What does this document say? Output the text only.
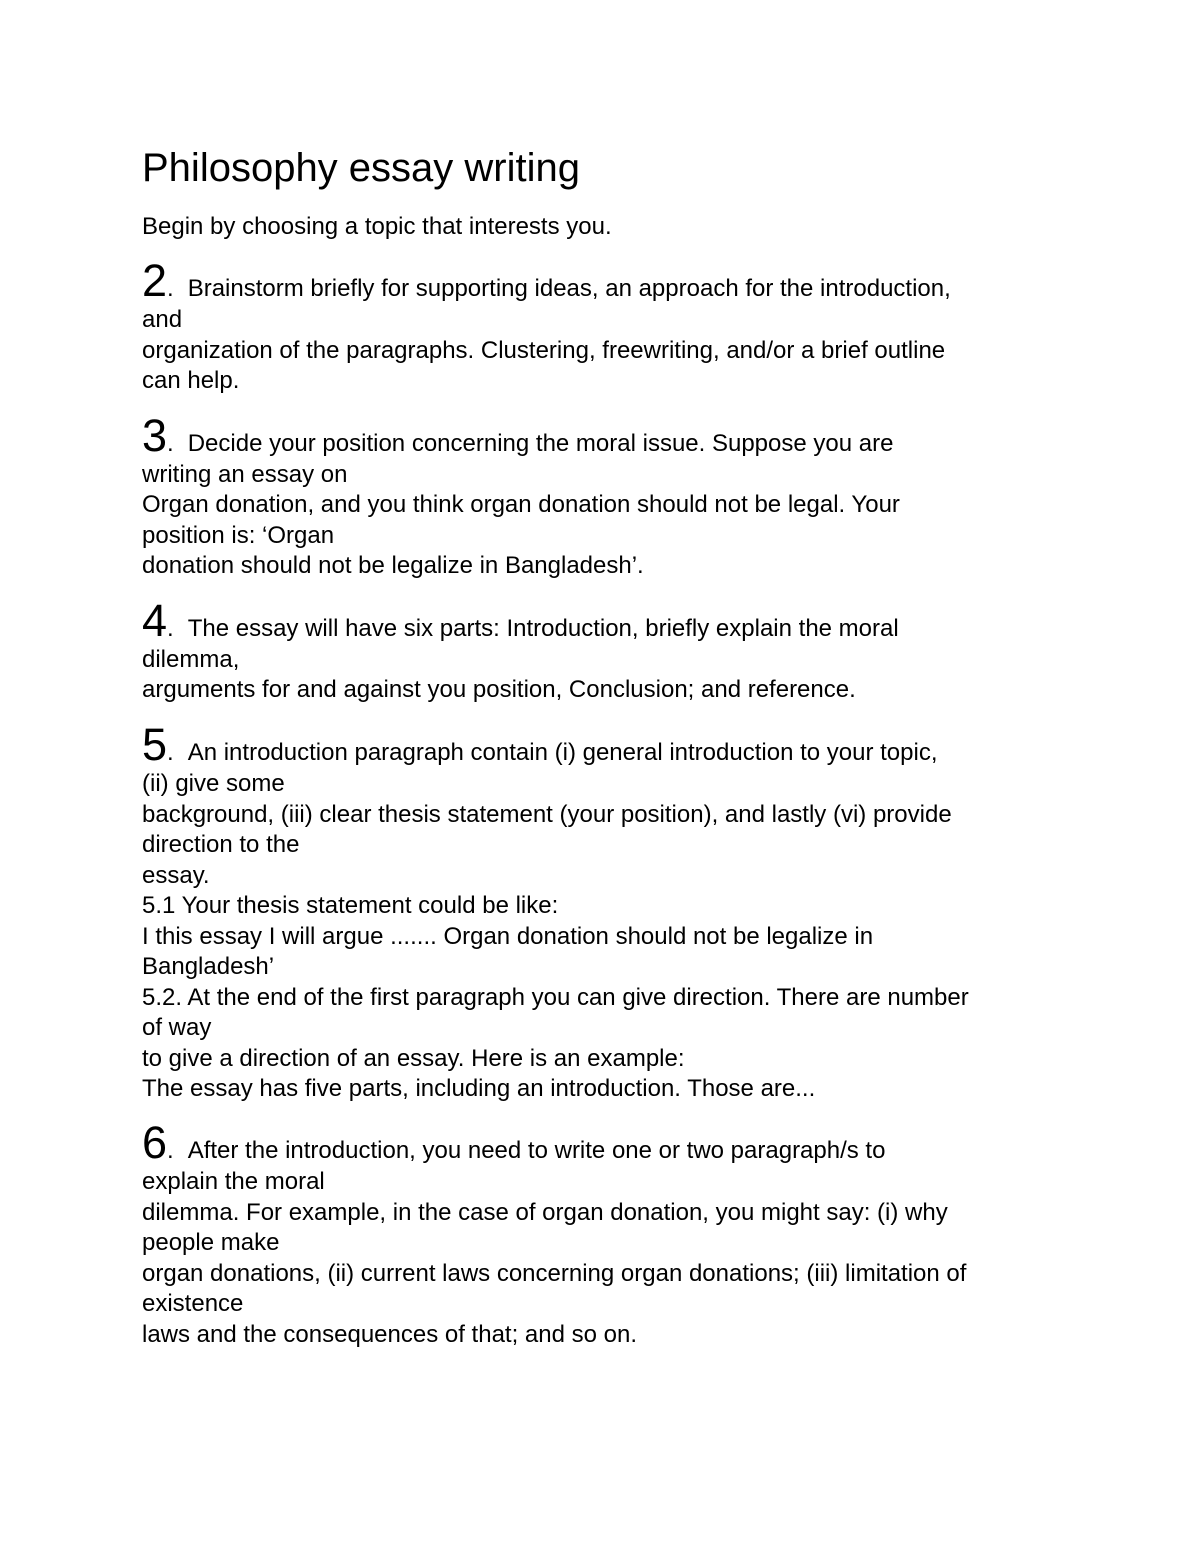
Philosophy essay writing
Begin by choosing a topic that interests you.
2. Brainstorm briefly for supporting ideas, an approach for the introduction,
and
organization of the paragraphs. Clustering, freewriting, and/or a brief outline
can help.
3. Decide your position concerning the moral issue. Suppose you are
writing an essay on
Organ donation, and you think organ donation should not be legal. Your
position is: ‘Organ
donation should not be legalize in Bangladesh’.
4. The essay will have six parts: Introduction, briefly explain the moral
dilemma,
arguments for and against you position, Conclusion; and reference.
5. An introduction paragraph contain (i) general introduction to your topic,
(ii) give some
background, (iii) clear thesis statement (your position), and lastly (vi) provide
direction to the
essay.
5.1 Your thesis statement could be like:
I this essay I will argue ....... Organ donation should not be legalize in
Bangladesh’
5.2. At the end of the first paragraph you can give direction. There are number
of way
to give a direction of an essay. Here is an example:
The essay has five parts, including an introduction. Those are...
6. After the introduction, you need to write one or two paragraph/s to
explain the moral
dilemma. For example, in the case of organ donation, you might say: (i) why
people make
organ donations, (ii) current laws concerning organ donations; (iii) limitation of
existence
laws and the consequences of that; and so on.
